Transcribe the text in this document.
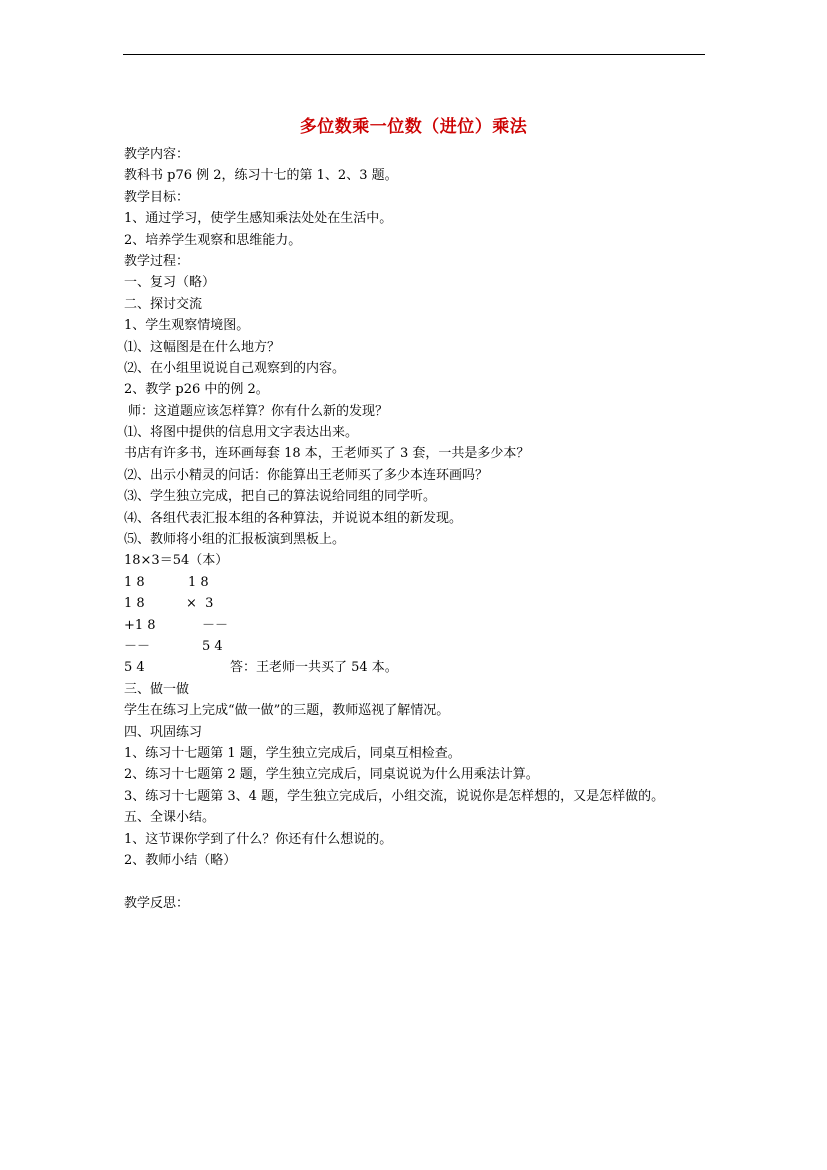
多位数乘一位数（进位）乘法
教学内容：
教科书 p76 例 2，练习十七的第 1、2、3 题。
教学目标：
1、通过学习，使学生感知乘法处处在生活中。
2、培养学生观察和思维能力。
教学过程：
一、复习（略）
二、探讨交流
1、学生观察情境图。
⑴、这幅图是在什么地方？
⑵、在小组里说说自己观察到的内容。
2、教学 p26 中的例 2。
师：这道题应该怎样算？你有什么新的发现？
⑴、将图中提供的信息用文字表达出来。
书店有许多书，连环画每套 18 本，王老师买了 3 套，一共是多少本？
⑵、出示小精灵的问话：你能算出王老师买了多少本连环画吗？
⑶、学生独立完成，把自己的算法说给同组的同学听。
⑷、各组代表汇报本组的各种算法，并说说本组的新发现。
⑸、教师将小组的汇报板演到黑板上。
18×3＝54（本）
1 8	1 8
1 8	×  3
+1 8	－－
－－	5 4
5 4	答：王老师一共买了 54 本。
三、做一做
学生在练习上完成“做一做”的三题，教师巡视了解情况。
四、巩固练习
1、练习十七题第 1 题，学生独立完成后，同桌互相检查。
2、练习十七题第 2 题，学生独立完成后，同桌说说为什么用乘法计算。
3、练习十七题第 3、4 题，学生独立完成后，小组交流，说说你是怎样想的，又是怎样做的。
五、全课小结。
1、这节课你学到了什么？你还有什么想说的。
2、教师小结（略）
教学反思：
